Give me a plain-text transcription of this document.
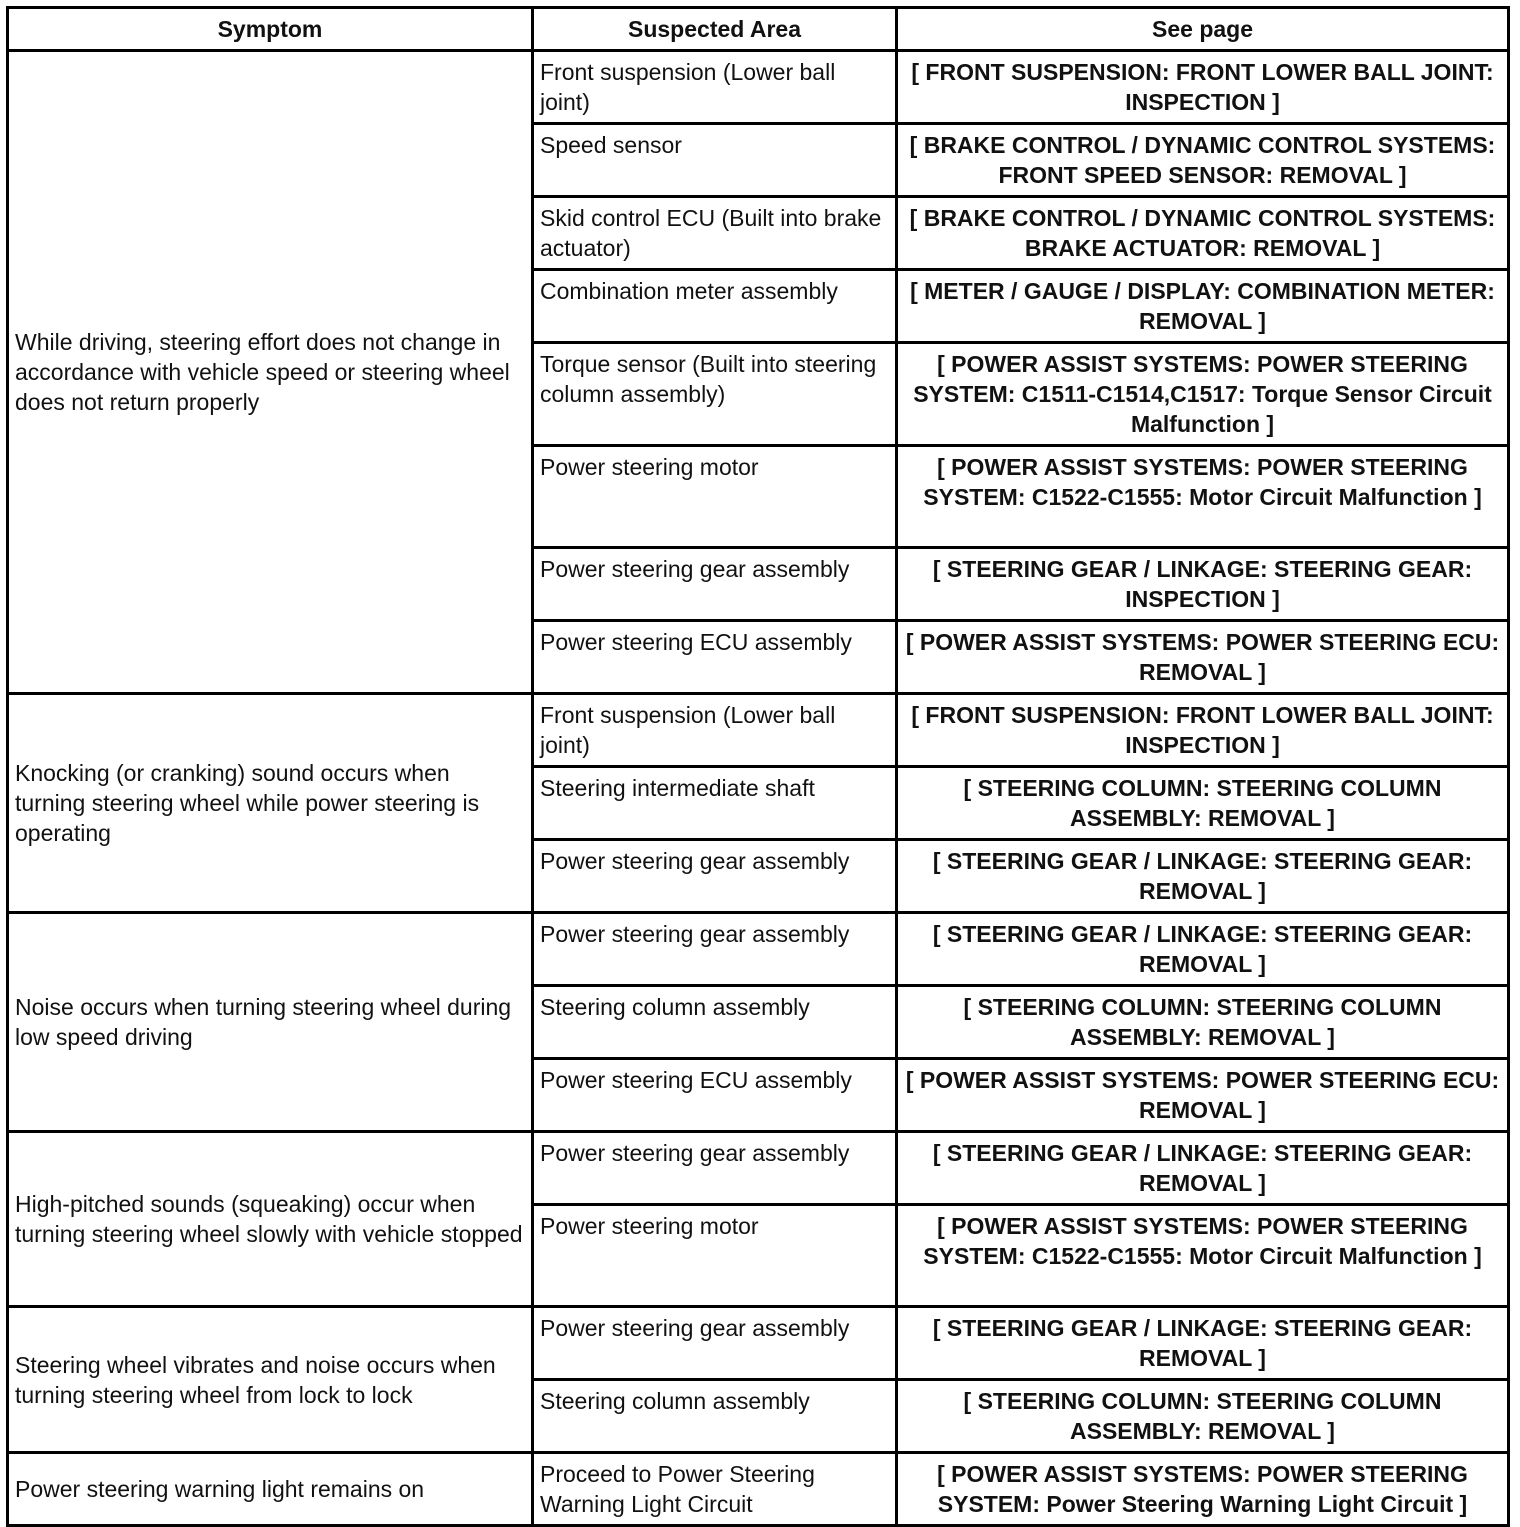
Symptom	Suspected Area	See page
While driving, steering effort does not change in accordance with vehicle speed or steering wheel does not return properly	Front suspension (Lower ball joint)	[ FRONT SUSPENSION: FRONT LOWER BALL JOINT: INSPECTION ]
	Speed sensor	[ BRAKE CONTROL / DYNAMIC CONTROL SYSTEMS: FRONT SPEED SENSOR: REMOVAL ]
	Skid control ECU (Built into brake actuator)	[ BRAKE CONTROL / DYNAMIC CONTROL SYSTEMS: BRAKE ACTUATOR: REMOVAL ]
	Combination meter assembly	[ METER / GAUGE / DISPLAY: COMBINATION METER: REMOVAL ]
	Torque sensor (Built into steering column assembly)	[ POWER ASSIST SYSTEMS: POWER STEERING SYSTEM: C1511-C1514,C1517: Torque Sensor Circuit Malfunction ]
	Power steering motor	[ POWER ASSIST SYSTEMS: POWER STEERING SYSTEM: C1522-C1555: Motor Circuit Malfunction ]
	Power steering gear assembly	[ STEERING GEAR / LINKAGE: STEERING GEAR: INSPECTION ]
	Power steering ECU assembly	[ POWER ASSIST SYSTEMS: POWER STEERING ECU: REMOVAL ]
Knocking (or cranking) sound occurs when turning steering wheel while power steering is operating	Front suspension (Lower ball joint)	[ FRONT SUSPENSION: FRONT LOWER BALL JOINT: INSPECTION ]
	Steering intermediate shaft	[ STEERING COLUMN: STEERING COLUMN ASSEMBLY: REMOVAL ]
	Power steering gear assembly	[ STEERING GEAR / LINKAGE: STEERING GEAR: REMOVAL ]
Noise occurs when turning steering wheel during low speed driving	Power steering gear assembly	[ STEERING GEAR / LINKAGE: STEERING GEAR: REMOVAL ]
	Steering column assembly	[ STEERING COLUMN: STEERING COLUMN ASSEMBLY: REMOVAL ]
	Power steering ECU assembly	[ POWER ASSIST SYSTEMS: POWER STEERING ECU: REMOVAL ]
High-pitched sounds (squeaking) occur when turning steering wheel slowly with vehicle stopped	Power steering gear assembly	[ STEERING GEAR / LINKAGE: STEERING GEAR: REMOVAL ]
	Power steering motor	[ POWER ASSIST SYSTEMS: POWER STEERING SYSTEM: C1522-C1555: Motor Circuit Malfunction ]
Steering wheel vibrates and noise occurs when turning steering wheel from lock to lock	Power steering gear assembly	[ STEERING GEAR / LINKAGE: STEERING GEAR: REMOVAL ]
	Steering column assembly	[ STEERING COLUMN: STEERING COLUMN ASSEMBLY: REMOVAL ]
Power steering warning light remains on	Proceed to Power Steering Warning Light Circuit	[ POWER ASSIST SYSTEMS: POWER STEERING SYSTEM: Power Steering Warning Light Circuit ]
